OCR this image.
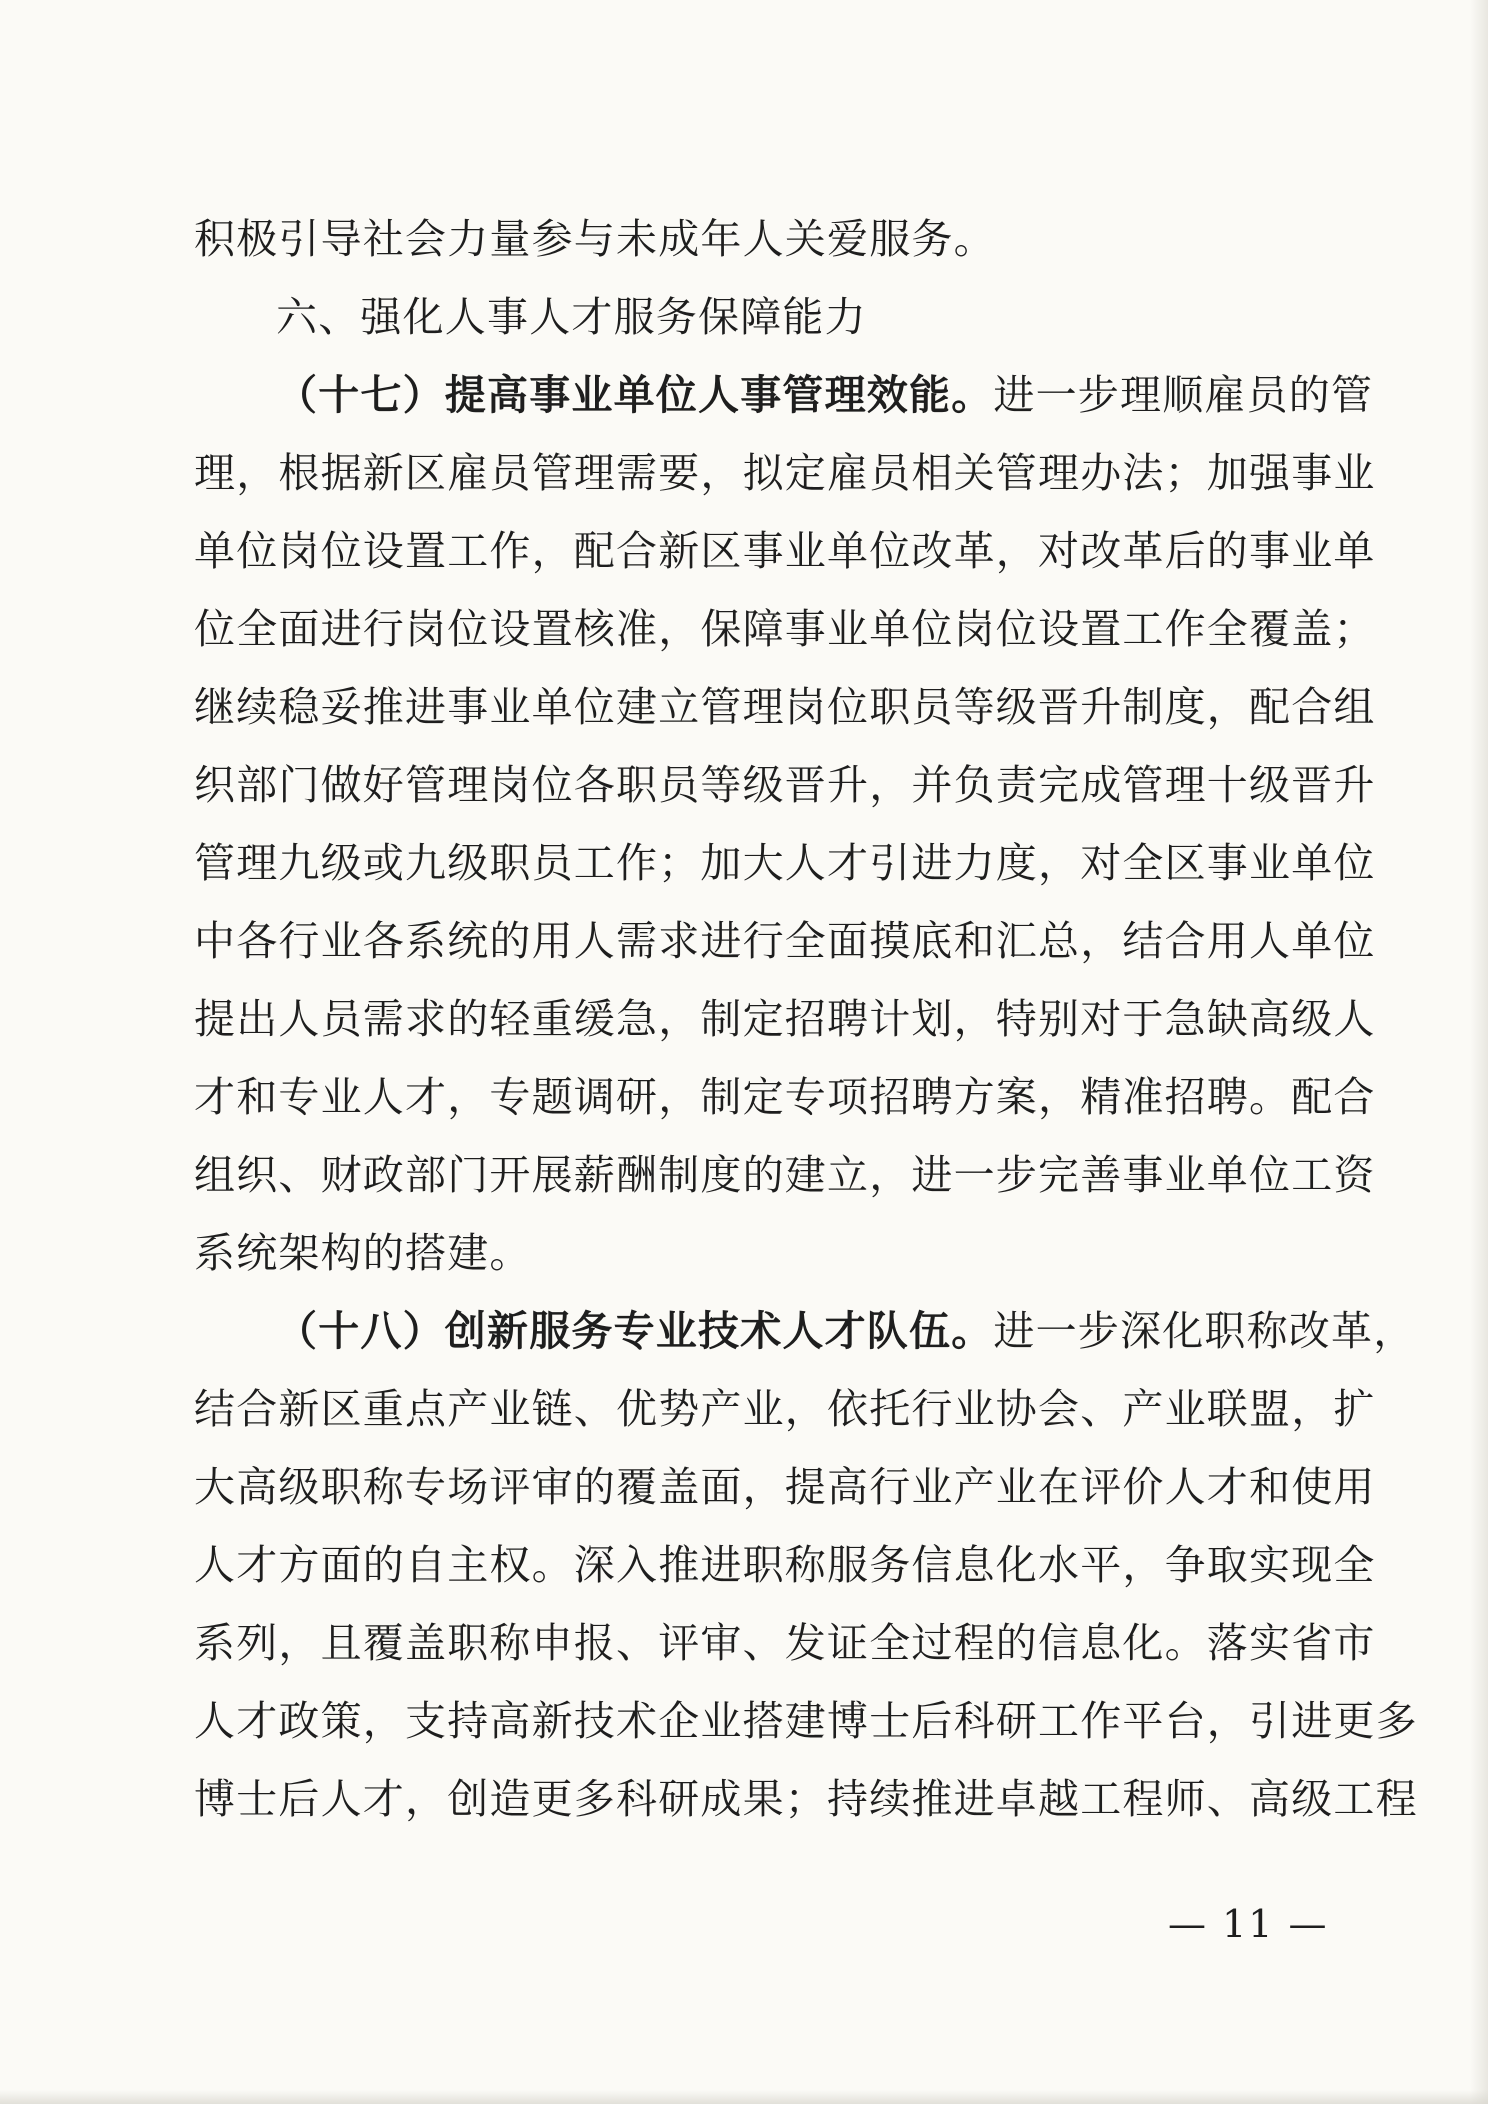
积极引导社会力量参与未成年人关爱服务。
六、强化人事人才服务保障能力
（十七）提高事业单位人事管理效能。进一步理顺雇员的管
理，根据新区雇员管理需要，拟定雇员相关管理办法；加强事业
单位岗位设置工作，配合新区事业单位改革，对改革后的事业单
位全面进行岗位设置核准，保障事业单位岗位设置工作全覆盖；
继续稳妥推进事业单位建立管理岗位职员等级晋升制度，配合组
织部门做好管理岗位各职员等级晋升，并负责完成管理十级晋升
管理九级或九级职员工作；加大人才引进力度，对全区事业单位
中各行业各系统的用人需求进行全面摸底和汇总，结合用人单位
提出人员需求的轻重缓急，制定招聘计划，特别对于急缺高级人
才和专业人才，专题调研，制定专项招聘方案，精准招聘。配合
组织、财政部门开展薪酬制度的建立，进一步完善事业单位工资
系统架构的搭建。
（十八）创新服务专业技术人才队伍。进一步深化职称改革，
结合新区重点产业链、优势产业，依托行业协会、产业联盟，扩
大高级职称专场评审的覆盖面，提高行业产业在评价人才和使用
人才方面的自主权。深入推进职称服务信息化水平，争取实现全
系列，且覆盖职称申报、评审、发证全过程的信息化。落实省市
人才政策，支持高新技术企业搭建博士后科研工作平台，引进更多
博士后人才，创造更多科研成果；持续推进卓越工程师、高级工程
— 11 —
